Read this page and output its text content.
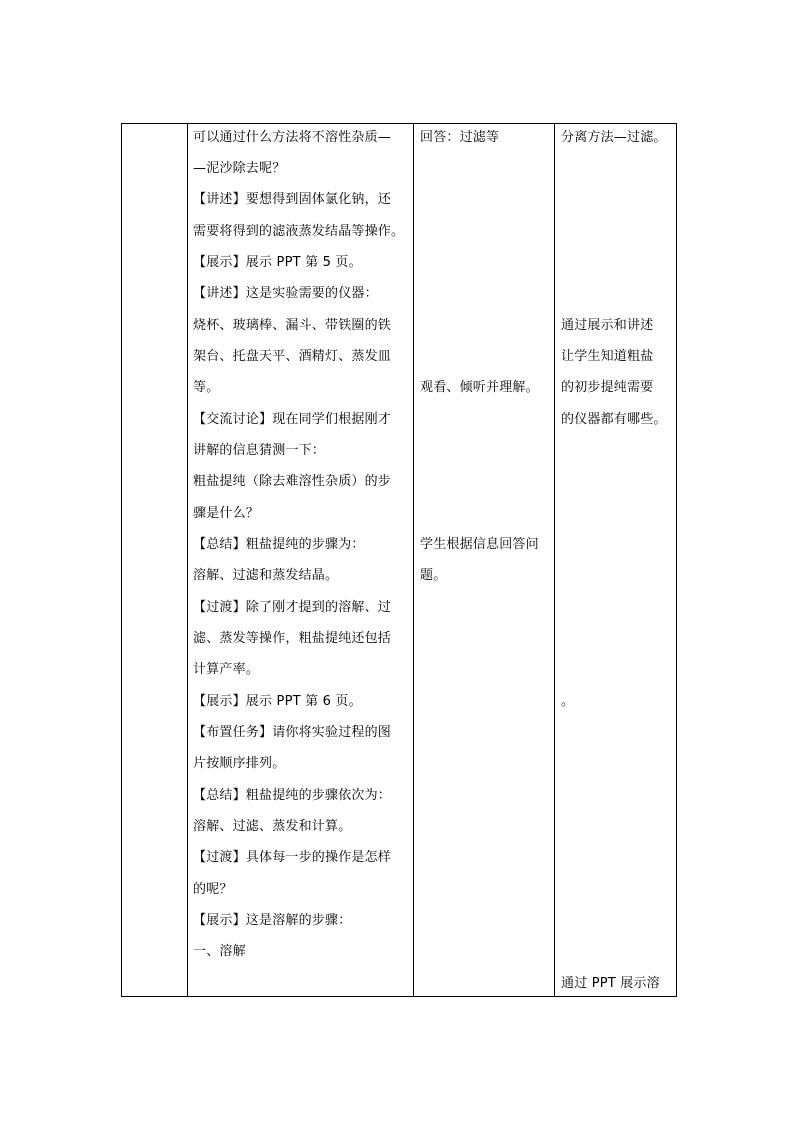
可以通过什么方法将不溶性杂质—
—泥沙除去呢？
【讲述】要想得到固体氯化钠，还
需要将得到的滤液蒸发结晶等操作。
【展示】展示 PPT 第 5 页。
【讲述】这是实验需要的仪器：
烧杯、玻璃棒、漏斗、带铁圈的铁
架台、托盘天平、酒精灯、蒸发皿
等。
【交流讨论】现在同学们根据刚才
讲解的信息猜测一下：
粗盐提纯（除去难溶性杂质）的步
骤是什么？
【总结】粗盐提纯的步骤为：
溶解、过滤和蒸发结晶。
【过渡】除了刚才提到的溶解、过
滤、蒸发等操作，粗盐提纯还包括
计算产率。
【展示】展示 PPT 第 6 页。
【布置任务】请你将实验过程的图
片按顺序排列。
【总结】粗盐提纯的步骤依次为：
溶解、过滤、蒸发和计算。
【过渡】具体每一步的操作是怎样
的呢？
【展示】这是溶解的步骤：
一、溶解
回答：过滤等
观看、倾听并理解。
学生根据信息回答问
题。
分离方法—过滤。
通过展示和讲述
让学生知道粗盐
的初步提纯需要
的仪器都有哪些。
。
通过 PPT 展示溶
